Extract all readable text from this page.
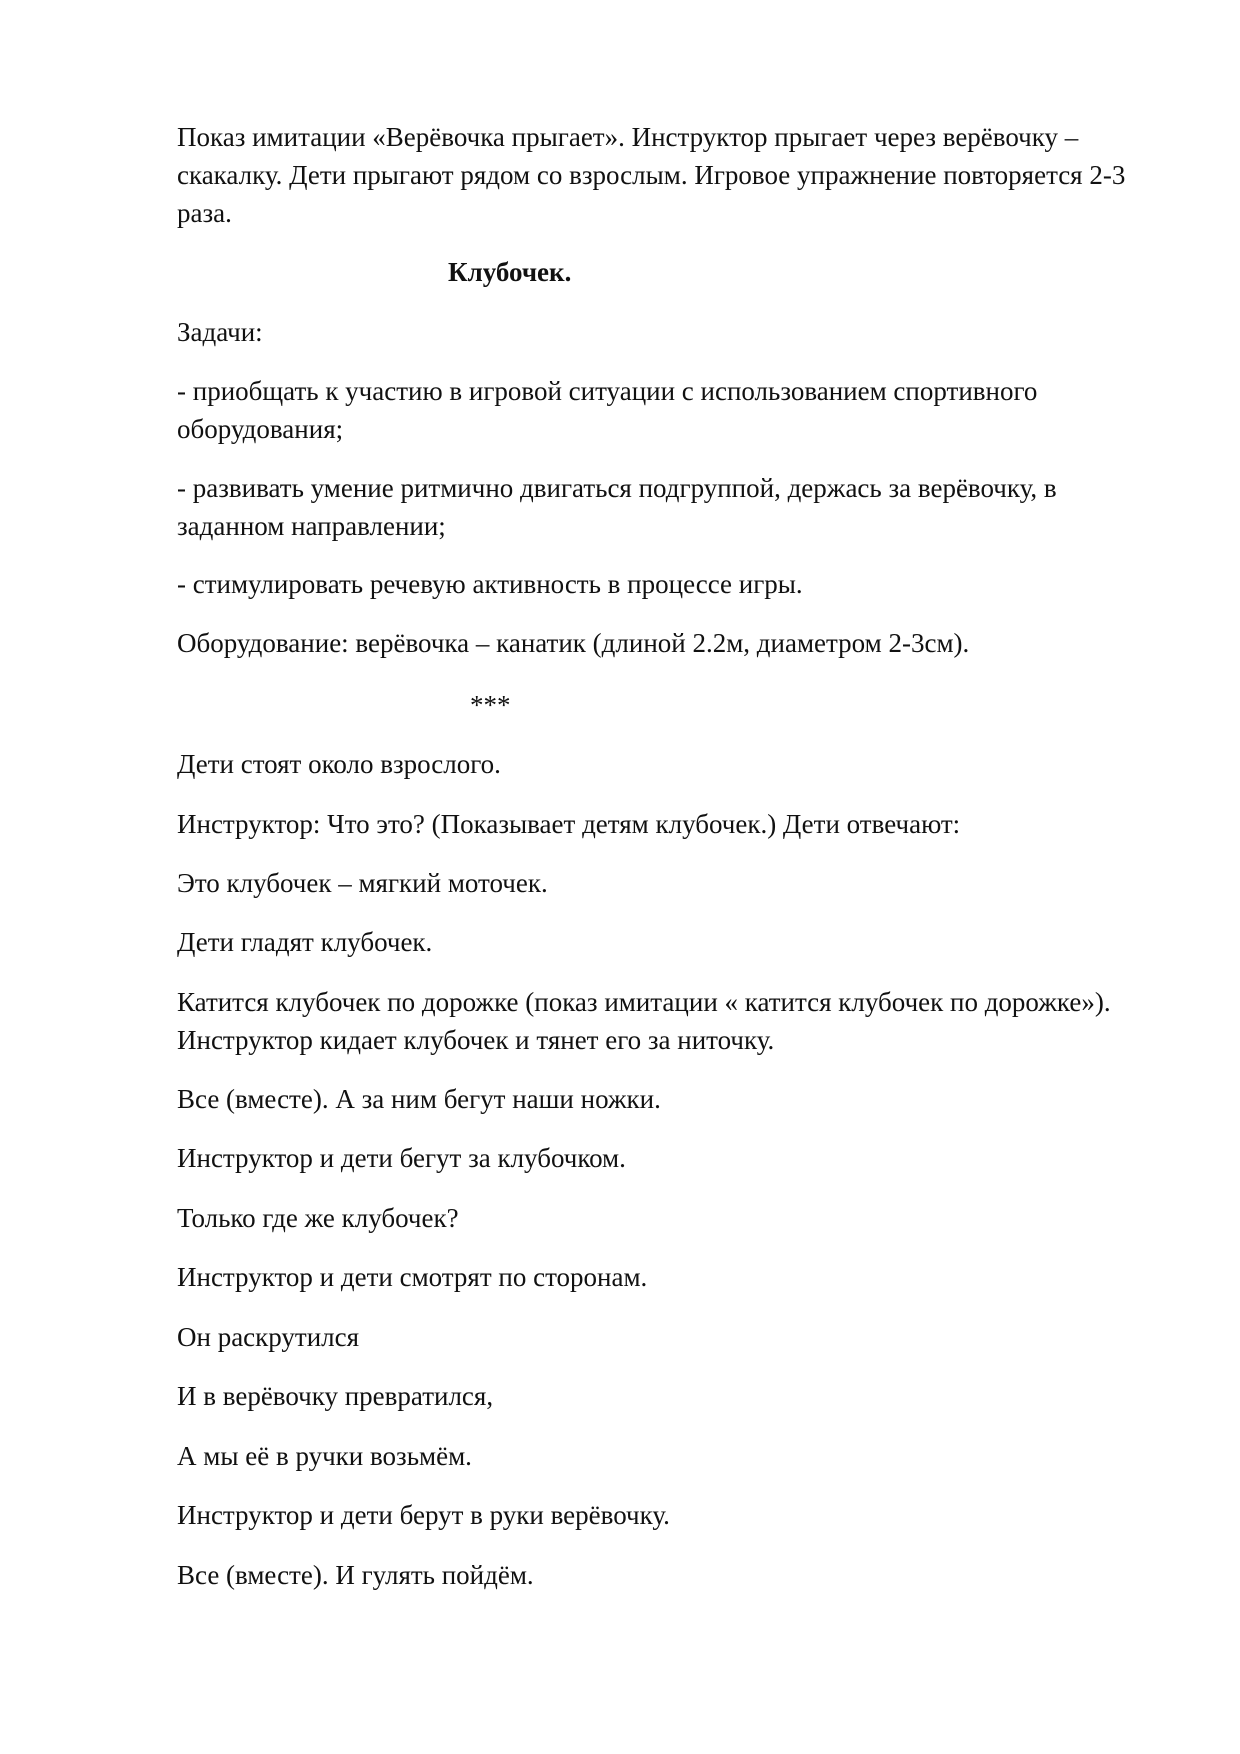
Показ имитации «Верёвочка прыгает». Инструктор прыгает через верёвочку – скакалку. Дети прыгают рядом со взрослым. Игровое упражнение повторяется 2-3 раза.

Клубочек.

Задачи:

- приобщать к участию в игровой ситуации с использованием спортивного оборудования;

- развивать умение ритмично двигаться подгруппой, держась за верёвочку, в заданном направлении;

- стимулировать речевую активность в процессе игры.

Оборудование: верёвочка – канатик (длиной 2.2м, диаметром 2-3см).

***

Дети стоят около взрослого.

Инструктор: Что это? (Показывает детям клубочек.) Дети отвечают:

Это клубочек – мягкий моточек.

Дети гладят клубочек.

Катится клубочек по дорожке (показ имитации « катится клубочек по дорожке»). Инструктор кидает клубочек и тянет его за ниточку.

Все (вместе). А за ним бегут наши ножки.

Инструктор и дети бегут за клубочком.

Только где же клубочек?

Инструктор и дети смотрят по сторонам.

Он раскрутился

И в верёвочку превратился,

А мы её в ручки возьмём.

Инструктор и дети берут в руки верёвочку.

Все (вместе). И гулять пойдём.
